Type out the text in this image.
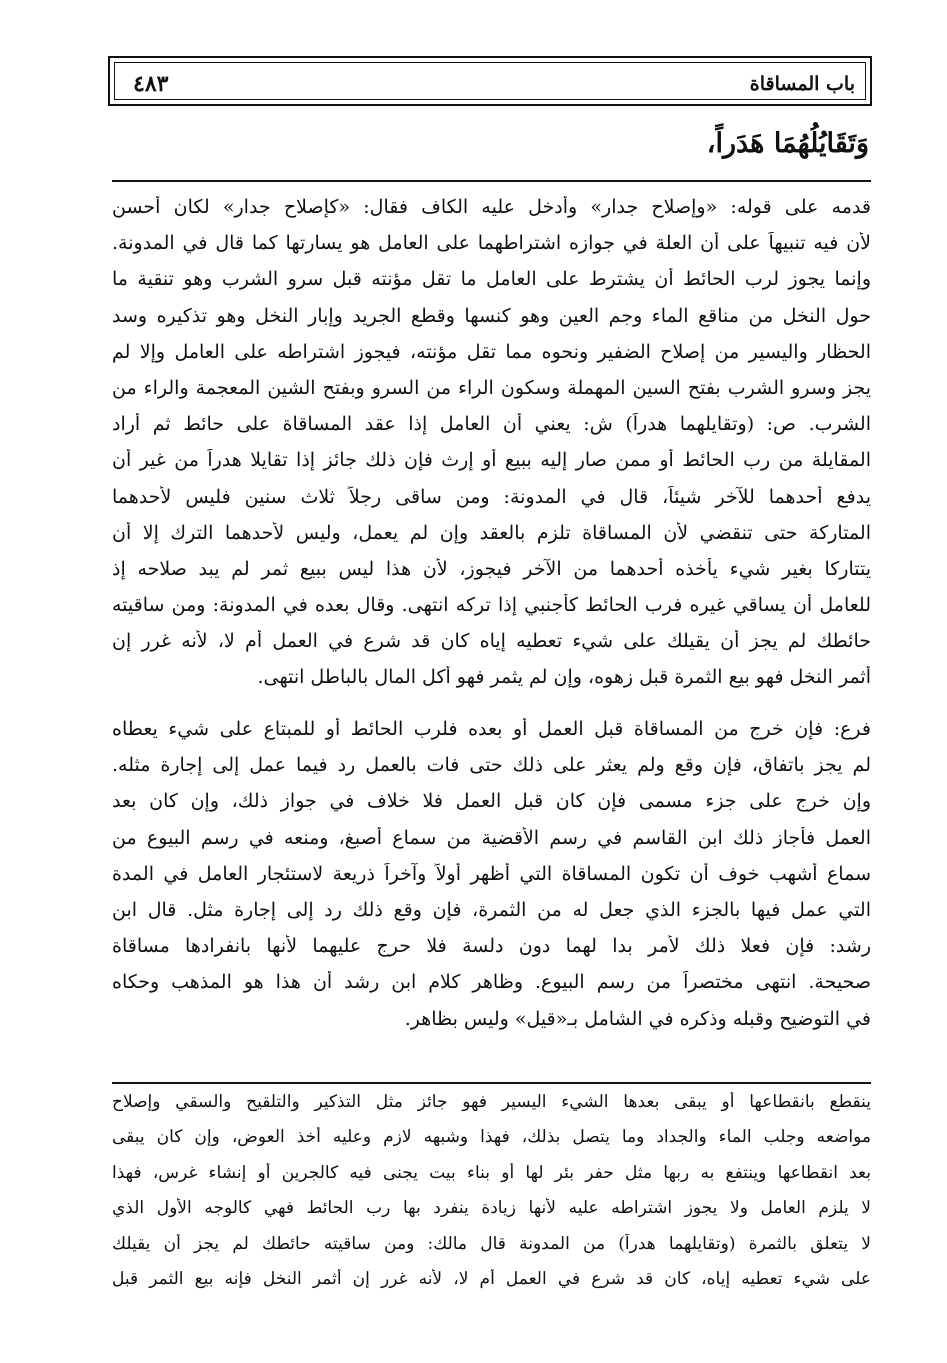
باب المساقاة
٤٨٣
وَتَقَايُلُهُمَا هَدَراً،
قدمه على قوله: «وإصلاح جدار» وأدخل عليه الكاف فقال: «كإصلاح جدار» لكان أحسن
لأن فيه تنبيهاً على أن العلة في جوازه اشتراطهما على العامل هو يسارتها كما قال في المدونة.
وإنما يجوز لرب الحائط أن يشترط على العامل ما تقل مؤنته قبل سرو الشرب وهو تنقية ما
حول النخل من مناقع الماء وجم العين وهو كنسها وقطع الجريد وإبار النخل وهو تذكيره وسد
الحظار واليسير من إصلاح الضفير ونحوه مما تقل مؤنته، فيجوز اشتراطه على العامل وإلا لم
يجز وسرو الشرب بفتح السين المهملة وسكون الراء من السرو وبفتح الشين المعجمة والراء من
الشرب. ص: (وتقايلهما هدراً) ش: يعني أن العامل إذا عقد المساقاة على حائط ثم أراد
المقايلة من رب الحائط أو ممن صار إليه ببيع أو إرث فإن ذلك جائز إذا تقايلا هدراً من غير أن
يدفع أحدهما للآخر شيئاً، قال في المدونة: ومن ساقى رجلاً ثلاث سنين فليس لأحدهما
المتاركة حتى تنقضي لأن المساقاة تلزم بالعقد وإن لم يعمل، وليس لأحدهما الترك إلا أن
يتتاركا بغير شيء يأخذه أحدهما من الآخر فيجوز، لأن هذا ليس ببيع ثمر لم يبد صلاحه إذ
للعامل أن يساقي غيره فرب الحائط كأجنبي إذا تركه انتهى. وقال بعده في المدونة: ومن ساقيته
حائطك لم يجز أن يقيلك على شيء تعطيه إياه كان قد شرع في العمل أم لا، لأنه غرر إن
أثمر النخل فهو بيع الثمرة قبل زهوه، وإن لم يثمر فهو أكل المال بالباطل انتهى.
فرع: فإن خرج من المساقاة قبل العمل أو بعده فلرب الحائط أو للمبتاع على شيء يعطاه
لم يجز باتفاق، فإن وقع ولم يعثر على ذلك حتى فات بالعمل رد فيما عمل إلى إجارة مثله.
وإن خرج على جزء مسمى فإن كان قبل العمل فلا خلاف في جواز ذلك، وإن كان بعد
العمل فأجاز ذلك ابن القاسم في رسم الأقضية من سماع أصبغ، ومنعه في رسم البيوع من
سماع أشهب خوف أن تكون المساقاة التي أظهر أولاً وآخراً ذريعة لاستئجار العامل في المدة
التي عمل فيها بالجزء الذي جعل له من الثمرة، فإن وقع ذلك رد إلى إجارة مثل. قال ابن
رشد: فإن فعلا ذلك لأمر بدا لهما دون دلسة فلا حرج عليهما لأنها بانفرادها مساقاة
صحيحة. انتهى مختصراً من رسم البيوع. وظاهر كلام ابن رشد أن هذا هو المذهب وحكاه
في التوضيح وقبله وذكره في الشامل بـ«قيل» وليس بظاهر.
ينقطع بانقطاعها أو يبقى بعدها الشيء اليسير فهو جائز مثل التذكير والتلقيح والسقي وإصلاح
مواضعه وجلب الماء والجداد وما يتصل بذلك، فهذا وشبهه لازم وعليه أخذ العوض، وإن كان يبقى
بعد انقطاعها وينتفع به ربها مثل حفر بئر لها أو بناء بيت يجنى فيه كالجرين أو إنشاء غرس، فهذا
لا يلزم العامل ولا يجوز اشتراطه عليه لأنها زيادة ينفرد بها رب الحائط فهي كالوجه الأول الذي
لا يتعلق بالثمرة (وتقايلهما هدراً) من المدونة قال مالك: ومن ساقيته حائطك لم يجز أن يقيلك
على شيء تعطيه إياه، كان قد شرع في العمل أم لا، لأنه غرر إن أثمر النخل فإنه بيع الثمر قبل
